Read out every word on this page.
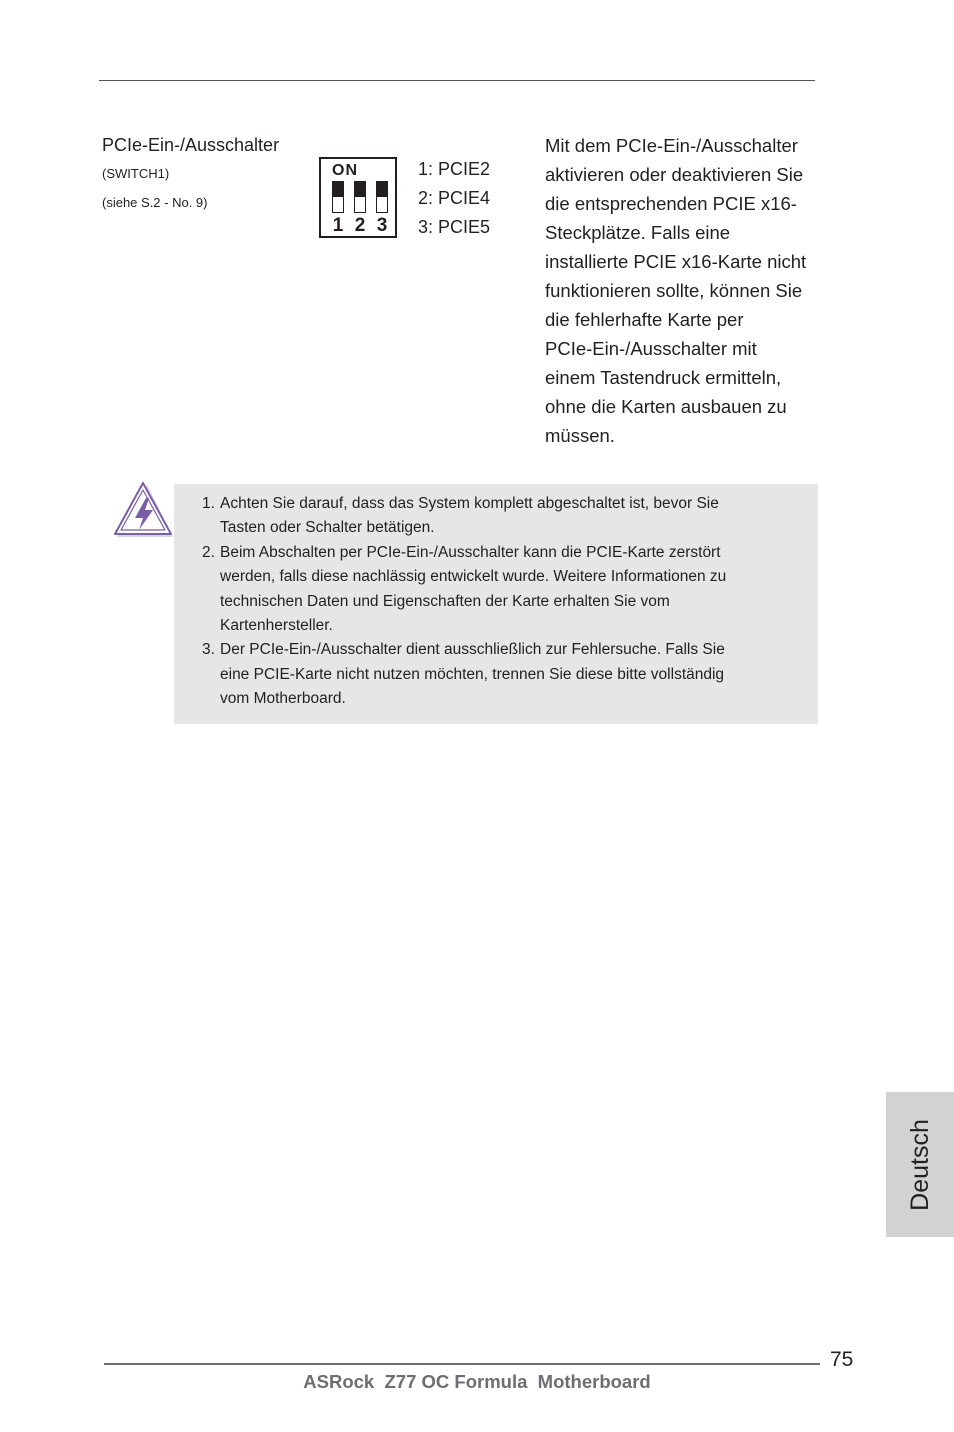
PCIe-Ein-/Ausschalter
(SWITCH1)
(siehe S.2 - No. 9)
ON
1 2 3
1: PCIE2
2: PCIE4
3: PCIE5
Mit dem PCIe-Ein-/Ausschalter
aktivieren oder deaktivieren Sie
die entsprechenden PCIE x16-
Steckplätze. Falls eine
installierte PCIE x16-Karte nicht
funktionieren sollte, können Sie
die fehlerhafte Karte per
PCIe-Ein-/Ausschalter mit
einem Tastendruck ermitteln,
ohne die Karten ausbauen zu
müssen.
1. Achten Sie darauf, dass das System komplett abgeschaltet ist, bevor Sie
Tasten oder Schalter betätigen.
2. Beim Abschalten per PCIe-Ein-/Ausschalter kann die PCIE-Karte zerstört
werden, falls diese nachlässig entwickelt wurde. Weitere Informationen zu
technischen Daten und Eigenschaften der Karte erhalten Sie vom
Kartenhersteller.
3. Der PCIe-Ein-/Ausschalter dient ausschließlich zur Fehlersuche. Falls Sie
eine PCIE-Karte nicht nutzen möchten, trennen Sie diese bitte vollständig
vom Motherboard.
Deutsch
75
ASRock  Z77 OC Formula  Motherboard
